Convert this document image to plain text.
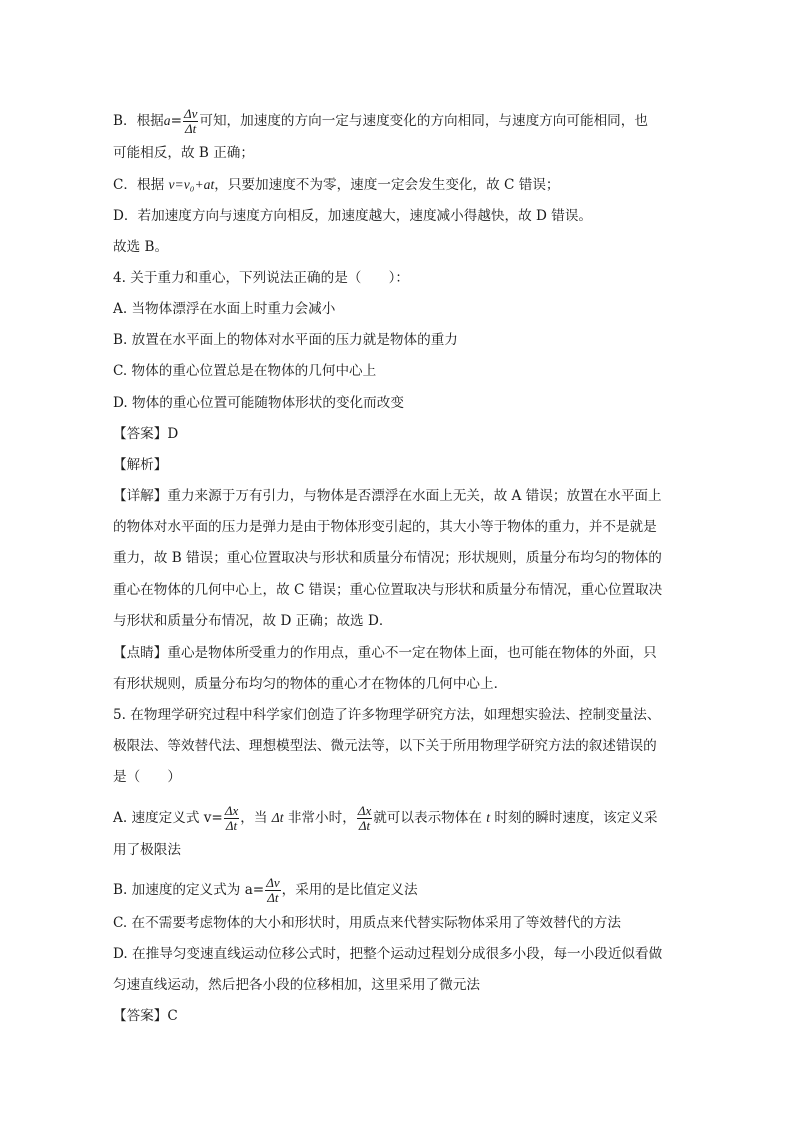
B．根据$a= \frac{\Delta v}{\Delta t}$ 可知，加速度的方向一定与速度变化的方向相同，与速度方向可能相同，也
可能相反，故 B 正确；
C．根据 v=v₀+at，只要加速度不为零，速度一定会发生变化，故 C 错误；
D．若加速度方向与速度方向相反，加速度越大，速度减小得越快，故 D 错误。
故选 B。
4. 关于重力和重心，下列说法正确的是（　　）：
A. 当物体漂浮在水面上时重力会减小
B. 放置在水平面上的物体对水平面的压力就是物体的重力
C. 物体的重心位置总是在物体的几何中心上
D. 物体的重心位置可能随物体形状的变化而改变
【答案】D
【解析】
【详解】重力来源于万有引力，与物体是否漂浮在水面上无关，故 A 错误；放置在水平面上
的物体对水平面的压力是弹力是由于物体形变引起的，其大小等于物体的重力，并不是就是
重力，故 B 错误；重心位置取决与形状和质量分布情况；形状规则，质量分布均匀的物体的
重心在物体的几何中心上，故 C 错误；重心位置取决与形状和质量分布情况，重心位置取决
与形状和质量分布情况，故 D 正确；故选 D．
【点睛】重心是物体所受重力的作用点，重心不一定在物体上面，也可能在物体的外面，只
有形状规则，质量分布均匀的物体的重心才在物体的几何中心上．
5. 在物理学研究过程中科学家们创造了许多物理学研究方法，如理想实验法、控制变量法、
极限法、等效替代法、理想模型法、微元法等，以下关于所用物理学研究方法的叙述错误的
是（　　）
A. 速度定义式 $v= \frac{\Delta x}{\Delta t}$ ，当 Δt 非常小时， $\frac{\Delta x}{\Delta t}$ 就可以表示物体在 t 时刻的瞬时速度，该定义采
用了极限法
B. 加速度的定义式为 $a= \frac{\Delta v}{\Delta t}$ ，采用的是比值定义法
C. 在不需要考虑物体的大小和形状时，用质点来代替实际物体采用了等效替代的方法
D. 在推导匀变速直线运动位移公式时，把整个运动过程划分成很多小段，每一小段近似看做
匀速直线运动，然后把各小段的位移相加，这里采用了微元法
【答案】C
